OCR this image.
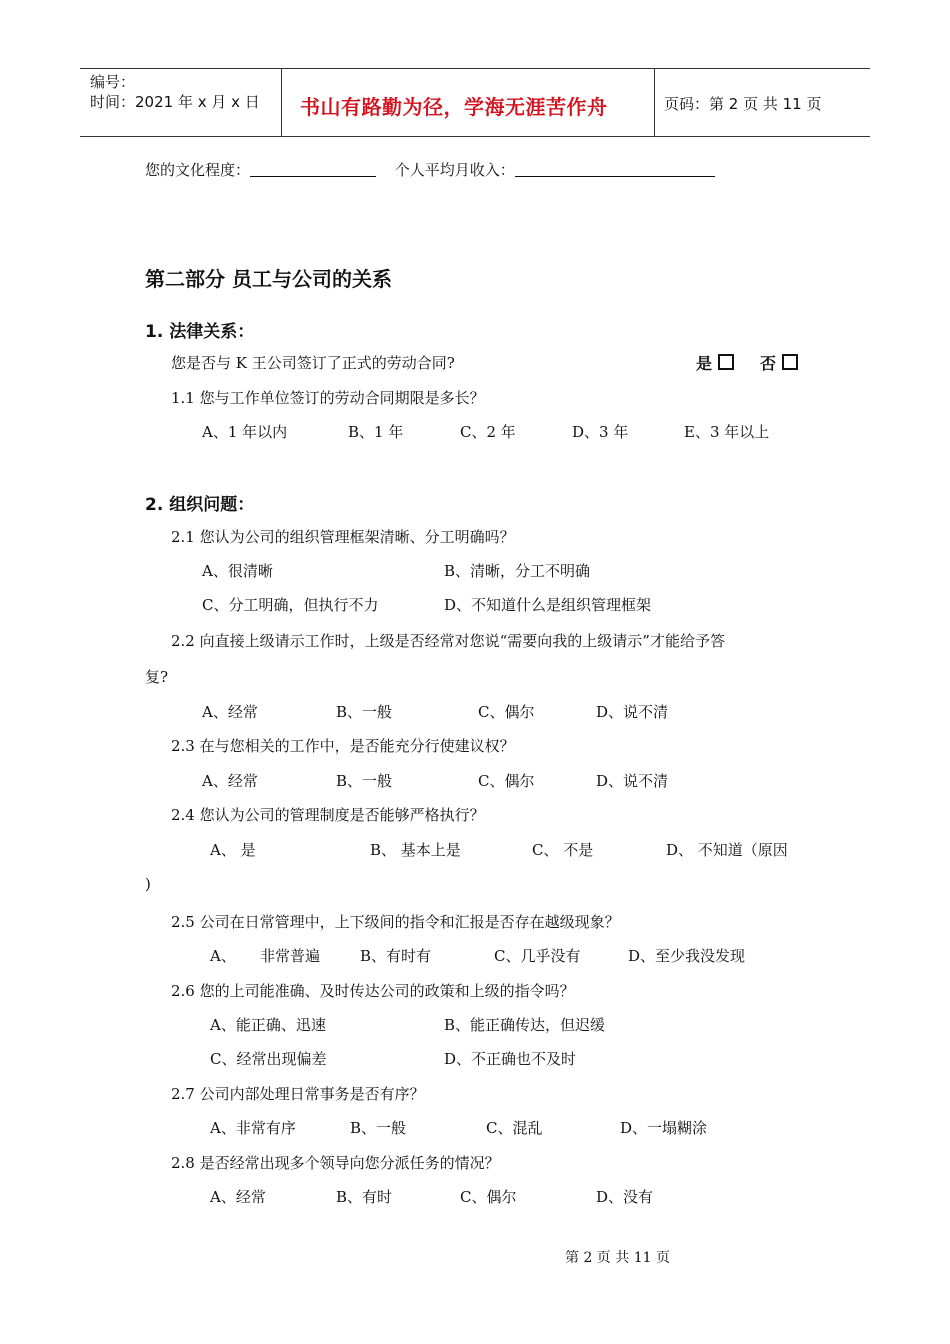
编号：
时间：2021 年 x 月 x 日 书山有路勤为径，学海无涯苦作舟	页码：第 2 页 共 11 页
您的文化程度：	个人平均月收入：
第二部分 员工与公司的关系
1. 法律关系：
您是否与 K 王公司签订了正式的劳动合同?	是	否
1.1 您与工作单位签订的劳动合同期限是多长？
A、1 年以内	B、1 年	C、2 年	D、3 年	E、3 年以上
2. 组织问题：
2.1 您认为公司的组织管理框架清晰、分工明确吗？
A、很清晰	B、清晰，分工不明确
C、分工明确，但执行不力	D、不知道什么是组织管理框架
2.2 向直接上级请示工作时，上级是否经常对您说“需要向我的上级请示”才能给予答
复?
A、经常	B、一般	C、偶尔	D、说不清
2.3 在与您相关的工作中，是否能充分行使建议权？
A、经常	B、一般	C、偶尔	D、说不清
2.4 您认为公司的管理制度是否能够严格执行？
A、 是	B、 基本上是	C、 不是	D、 不知道（原因
)
2.5 公司在日常管理中，上下级间的指令和汇报是否存在越级现象？
A、 非常普遍	B、有时有	C、几乎没有	D、至少我没发现
2.6 您的上司能准确、及时传达公司的政策和上级的指令吗？
A、能正确、迅速	B、能正确传达，但迟缓
C、经常出现偏差	D、不正确也不及时
2.7 公司内部处理日常事务是否有序？
A、非常有序	B、一般	C、混乱	D、一塌糊涂
2.8 是否经常出现多个领导向您分派任务的情况？
A、经常	B、有时	C、偶尔	D、没有
第 2 页 共 11 页
